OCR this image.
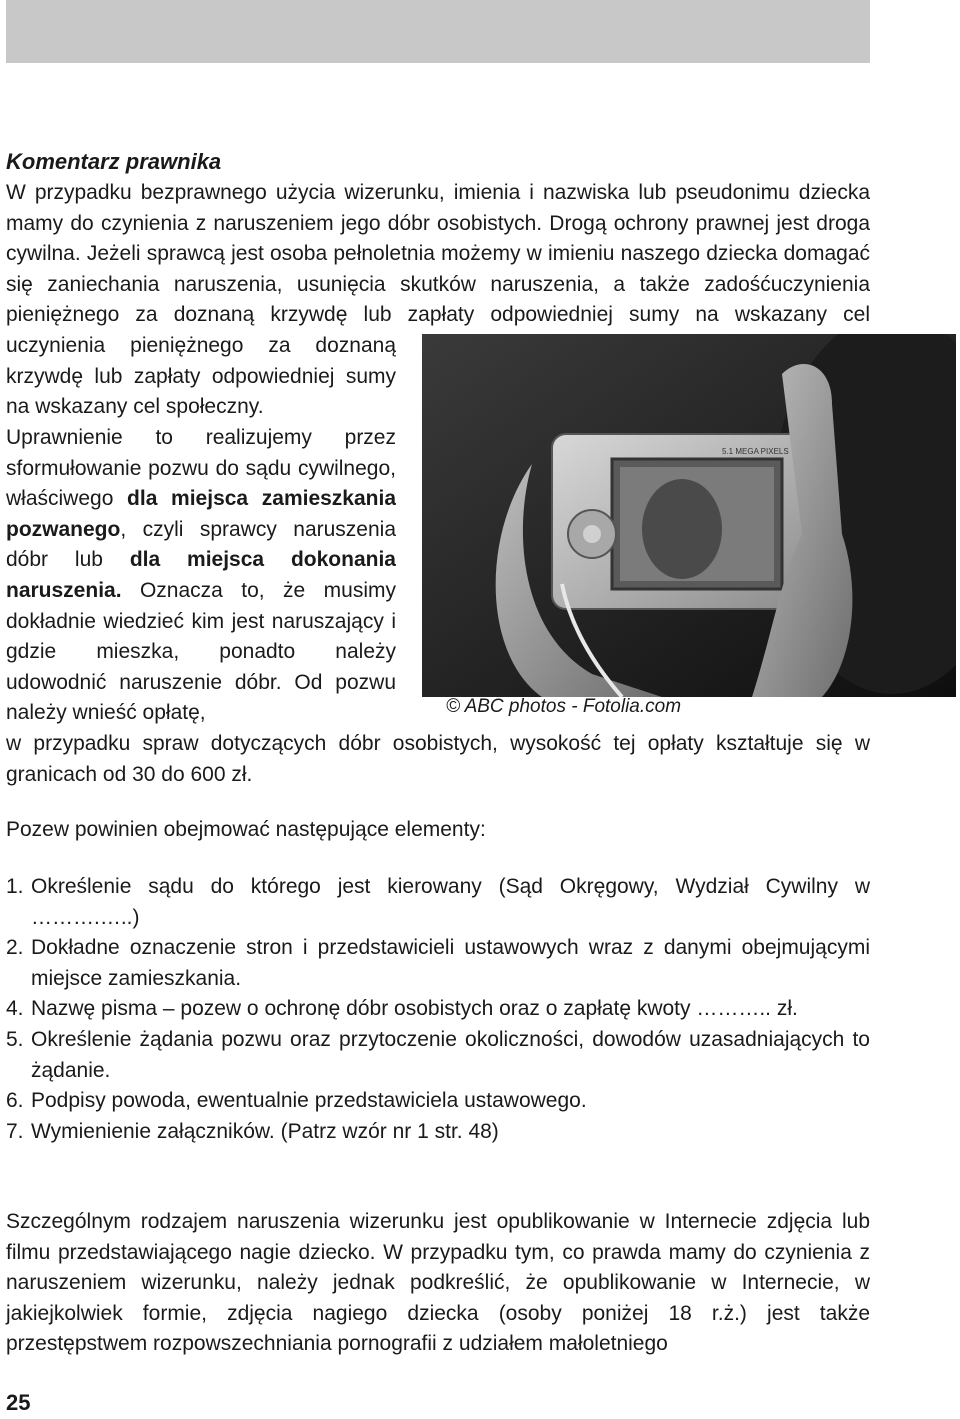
Komentarz prawnika
W przypadku bezprawnego użycia wizerunku, imienia i nazwiska lub pseudonimu dziecka mamy do czynienia z naruszeniem jego dóbr osobistych. Drogą ochrony prawnej jest droga cywilna. Jeżeli sprawcą jest osoba pełnoletnia możemy w imieniu naszego dziecka domagać się zaniechania naruszenia, usunięcia skutków naruszenia, a także zadośćuczynienia pieniężnego za doznaną krzywdę lub zapłaty odpowiedniej sumy na wskazany cel
uczynienia pieniężnego za doznaną krzywdę lub zapłaty odpowiedniej sumy na wskazany cel społeczny.
Uprawnienie to realizujemy przez sformułowanie pozwu do sądu cywilnego, właściwego dla miejsca zamieszkania pozwanego, czyli sprawcy naruszenia dóbr lub dla miejsca dokonania naruszenia. Oznacza to, że musimy dokładnie wiedzieć kim jest naruszający i gdzie mieszka, ponadto należy udowodnić naruszenie dóbr. Od pozwu należy wnieść opłatę,
w przypadku spraw dotyczących dóbr osobistych, wysokość tej opłaty kształtuje się w granicach od 30 do 600 zł.
5.1 MEGA PIXELS
© ABC photos - Fotolia.com
Pozew powinien obejmować następujące elementy:
1. Określenie sądu do którego jest kierowany (Sąd Okręgowy, Wydział Cywilny w ……….…..)
2. Dokładne oznaczenie stron i przedstawicieli ustawowych wraz z danymi obejmującymi miejsce zamieszkania.
4. Nazwę pisma – pozew o ochronę dóbr osobistych oraz o zapłatę kwoty ……….. zł.
5. Określenie żądania pozwu oraz przytoczenie okoliczności, dowodów uzasadniających to żądanie.
6. Podpisy powoda, ewentualnie przedstawiciela ustawowego.
7. Wymienienie załączników. (Patrz wzór nr 1 str. 48)
Szczególnym rodzajem naruszenia wizerunku jest opublikowanie w Internecie zdjęcia lub filmu przedstawiającego nagie dziecko. W przypadku tym, co prawda mamy do czynienia z naruszeniem wizerunku, należy jednak podkreślić, że opublikowanie w Internecie, w jakiejkolwiek formie, zdjęcia nagiego dziecka (osoby poniżej 18 r.ż.) jest także przestępstwem rozpowszechniania pornografii z udziałem małoletniego
25
